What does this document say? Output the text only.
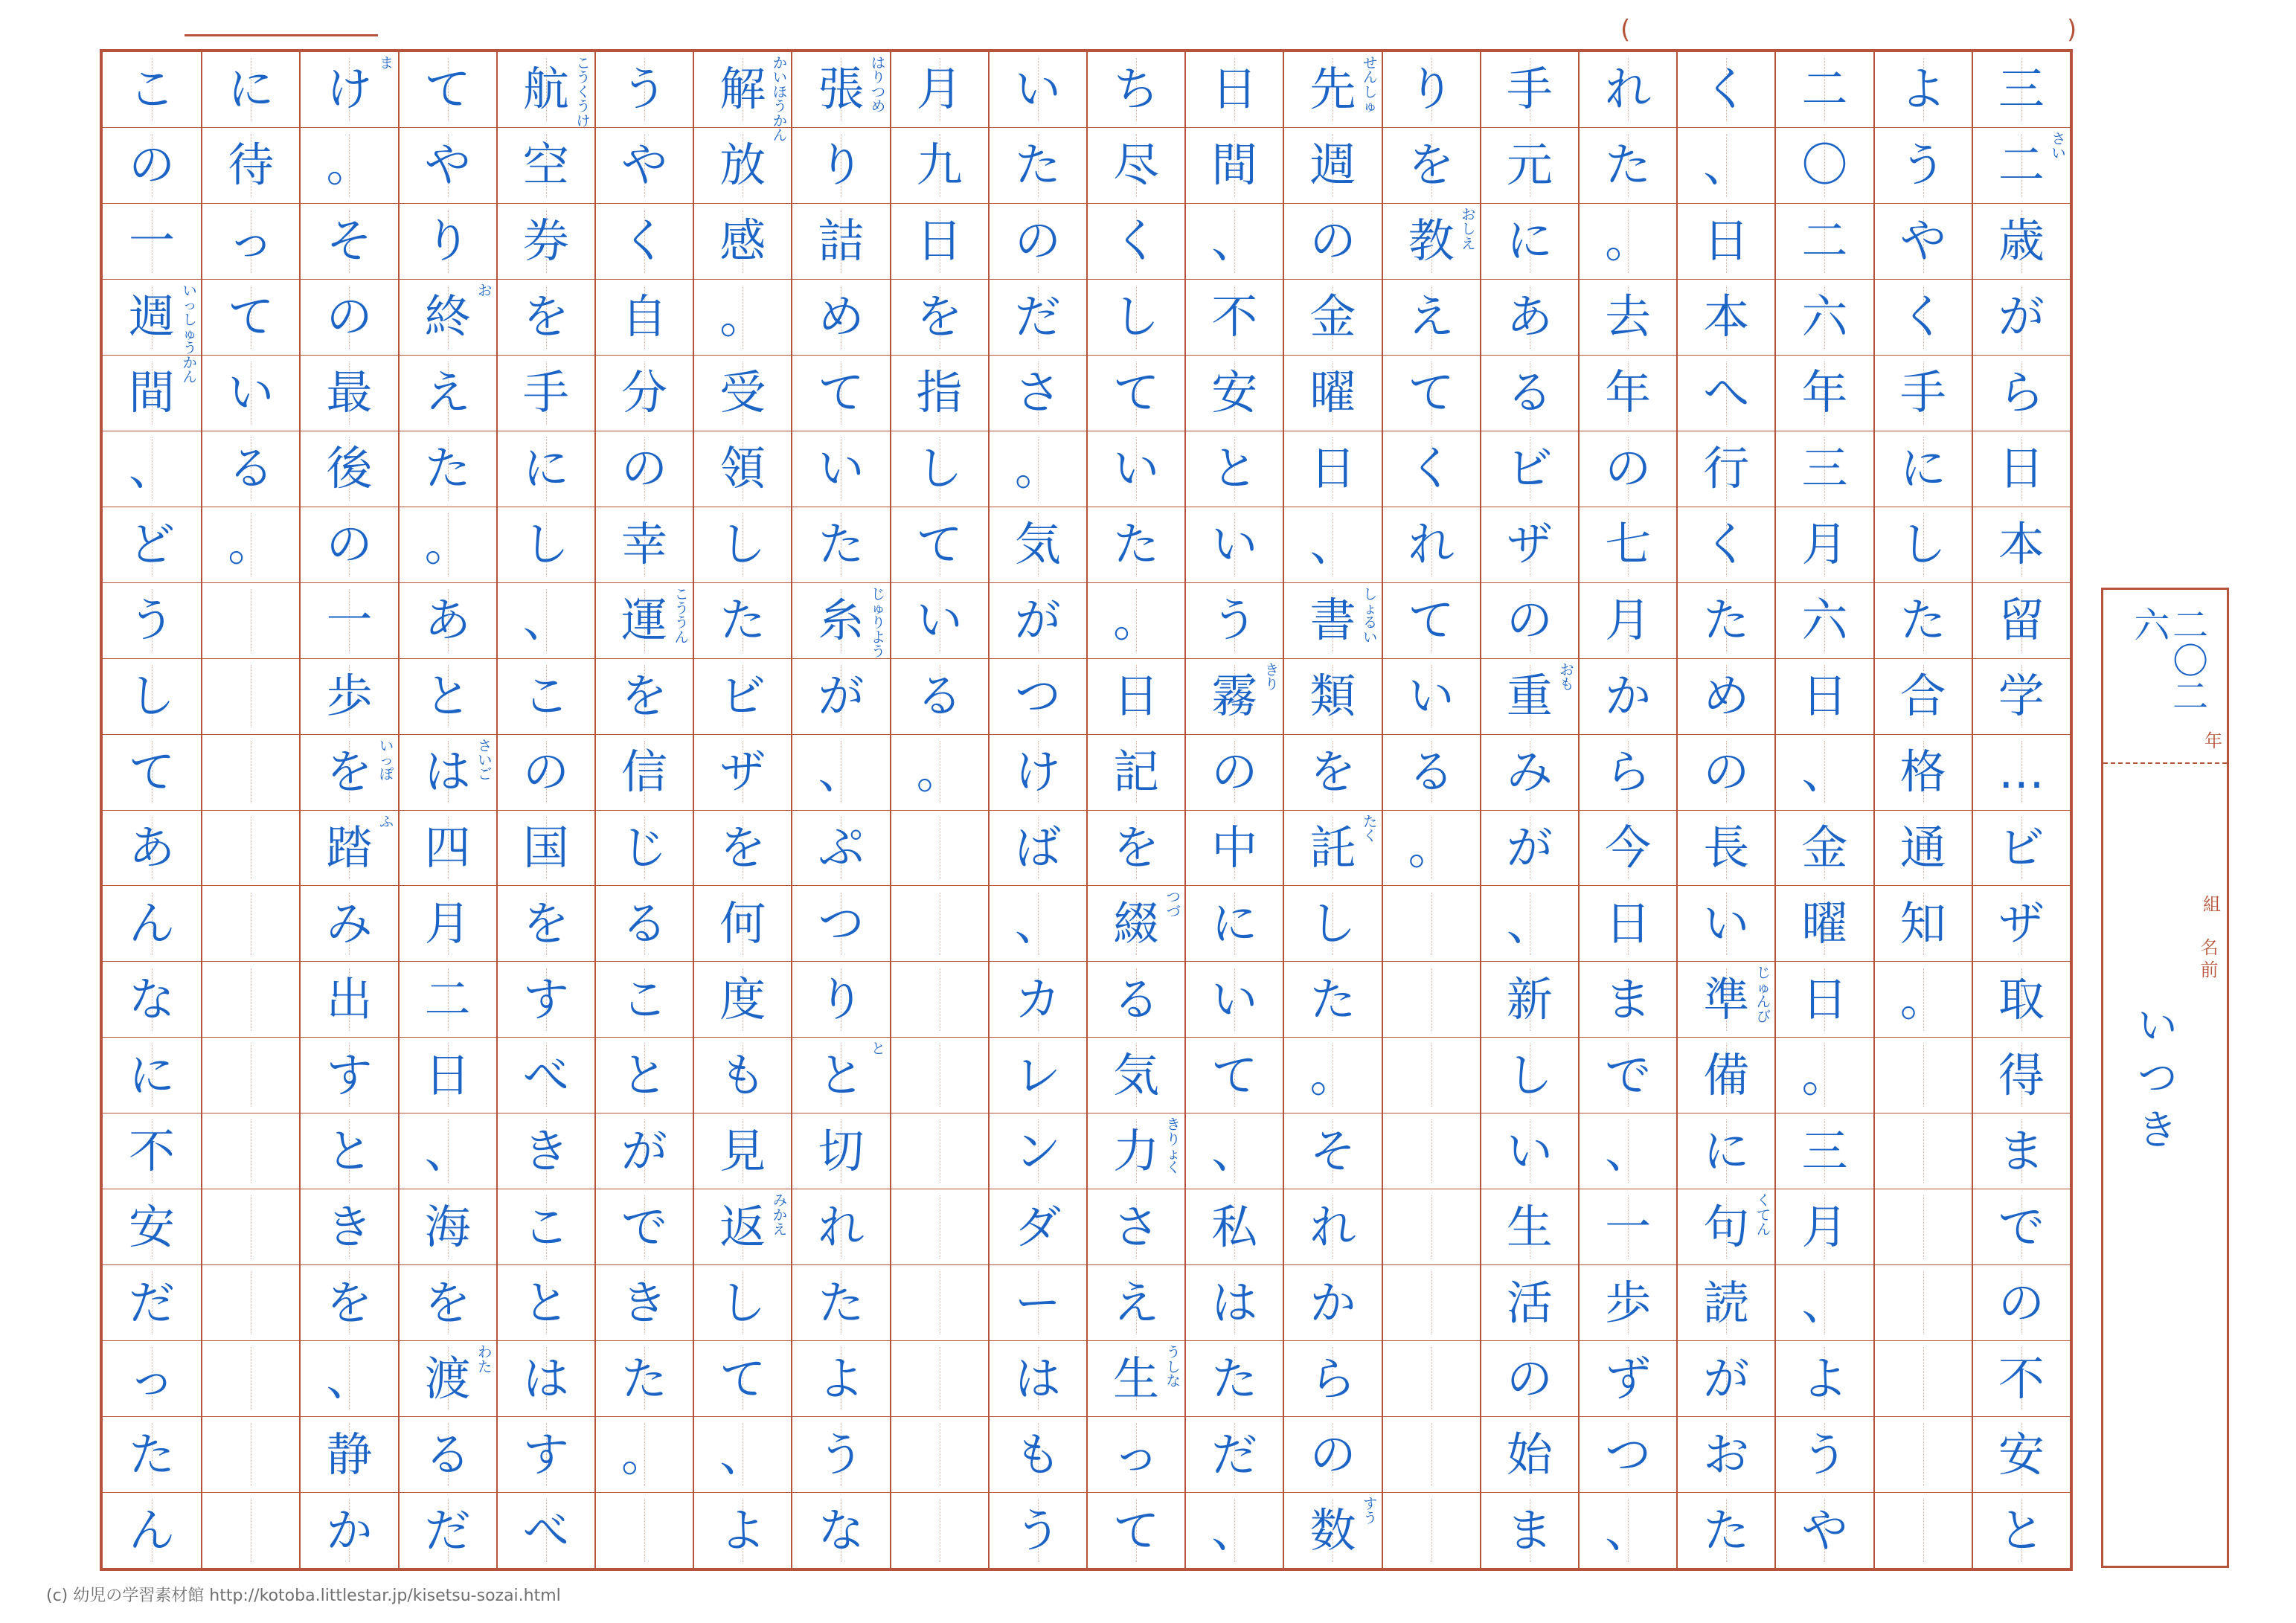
(	)
三
二 さ
い
歳
が
ら
日
本
留
学
…
ビ
ザ
取
得
ま
で
の
不
安
と
よ
う
や
く
手
に
し
た
合
格
通
知
。
二
〇
二
六
年
三
月
六
日
、
金
曜
日
。
三
月
、
よ
う
や
く
、
日
本
へ
行
く
た
め
の
長
い
準 じ
ゅ
ん
び
備
に
句 く
て
ん
読
が
お
た
れ
た
。
去
年
の
七
月
か
ら
今
日
ま
で
、
一
歩
ず
つ
、
手
元
に
あ
る
ビ
ザ
の
重 お
も
み
が
、
新
し
い
生
活
の
始
ま
り
を
教 お
し
え
え
て
く
れ
て
い
る
。
先 せ
ん
し
ゅ
週
の
金
曜
日
、
書 し
ょ
る
い
類
を
託 た
く
し
た
。
そ
れ
か
ら
の
数 す
う
日
間
、
不
安
と
い
う
霧 き
り
の
中
に
い
て
、
私
は
た
だ
、
ち
尽
く
し
て
い
た
。
日
記
を
綴 つ
づ
る
気
力 き
り
ょ
く
さ
え
生 う
し
な
っ
て
い
た
の
だ
さ
。
気
が
つ
け
ば
、
カ
レ
ン
ダ
ー
は
も
う
月
九
日
を
指
し
て
い
る
。
張 は
り
つ
め
り
詰
め
て
い
た
糸 じ
ゅ
り
よ
う
が
、
ぷ
つ
り
と と
切
れ
た
よ
う
な
解 か
い
ほ
う
か
ん
放
感
。
受
領
し
た
ビ
ザ
を
何
度
も
見
返 み
か
え
し
て
、
よ
う
や
く
自
分
の
幸
運 こ
う
う
ん
を
信
じ
る
こ
と
が
で
き
た
。
航 こ
う
く
う
け
空
券
を
手
に
し
、
こ
の
国
を
す
べ
き
こ
と
は
す
べ
て
や
り
終 お
え
た
。
あ
と
は さ
い
ご
四
月
二
日
、
海
を
渡 わ
た
る
だ
け ま
。
そ
の
最
後
の
一
歩
を い
っ
ぽ
踏 ふ
み
出
す
と
き
を
、
静
か
に
待
っ
て
い
る
。
こ
の
一
週 い
っ
し
ゅ
う
か
ん
間
、
ど
う
し
て
あ
ん
な
に
不
安
だ
っ
た
ん
二〇二六
年
組
名前
いつき
(c) 幼児の学習素材館 http://kotoba.littlestar.jp/kisetsu-sozai.html
